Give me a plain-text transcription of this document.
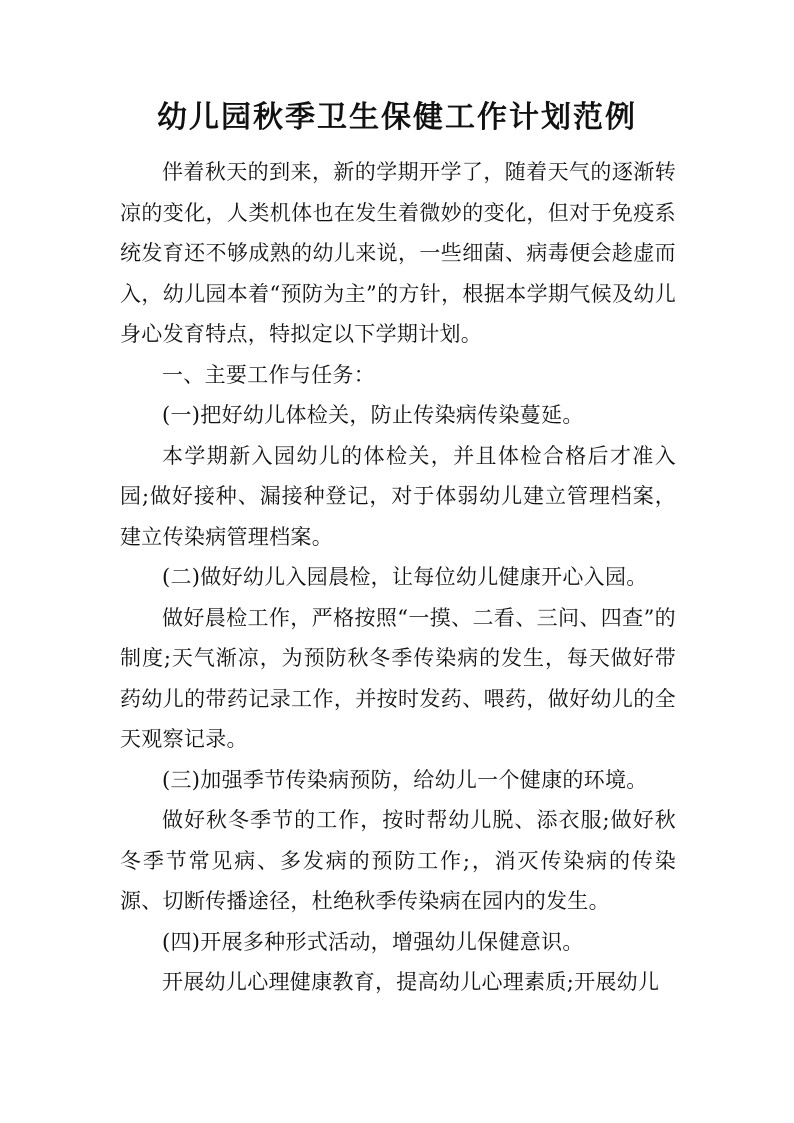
幼儿园秋季卫生保健工作计划范例

伴着秋天的到来，新的学期开学了，随着天气的逐渐转凉的变化，人类机体也在发生着微妙的变化，但对于免疫系统发育还不够成熟的幼儿来说，一些细菌、病毒便会趁虚而入，幼儿园本着“预防为主”的方针，根据本学期气候及幼儿身心发育特点，特拟定以下学期计划。

一、主要工作与任务：

(一)把好幼儿体检关，防止传染病传染蔓延。

本学期新入园幼儿的体检关，并且体检合格后才准入园;做好接种、漏接种登记，对于体弱幼儿建立管理档案，建立传染病管理档案。

(二)做好幼儿入园晨检，让每位幼儿健康开心入园。

做好晨检工作，严格按照“一摸、二看、三问、四查”的制度;天气渐凉，为预防秋冬季传染病的发生，每天做好带药幼儿的带药记录工作，并按时发药、喂药，做好幼儿的全天观察记录。

(三)加强季节传染病预防，给幼儿一个健康的环境。

做好秋冬季节的工作，按时帮幼儿脱、添衣服;做好秋冬季节常见病、多发病的预防工作;，消灭传染病的传染源、切断传播途径，杜绝秋季传染病在园内的发生。

(四)开展多种形式活动，增强幼儿保健意识。

开展幼儿心理健康教育，提高幼儿心理素质;开展幼儿
